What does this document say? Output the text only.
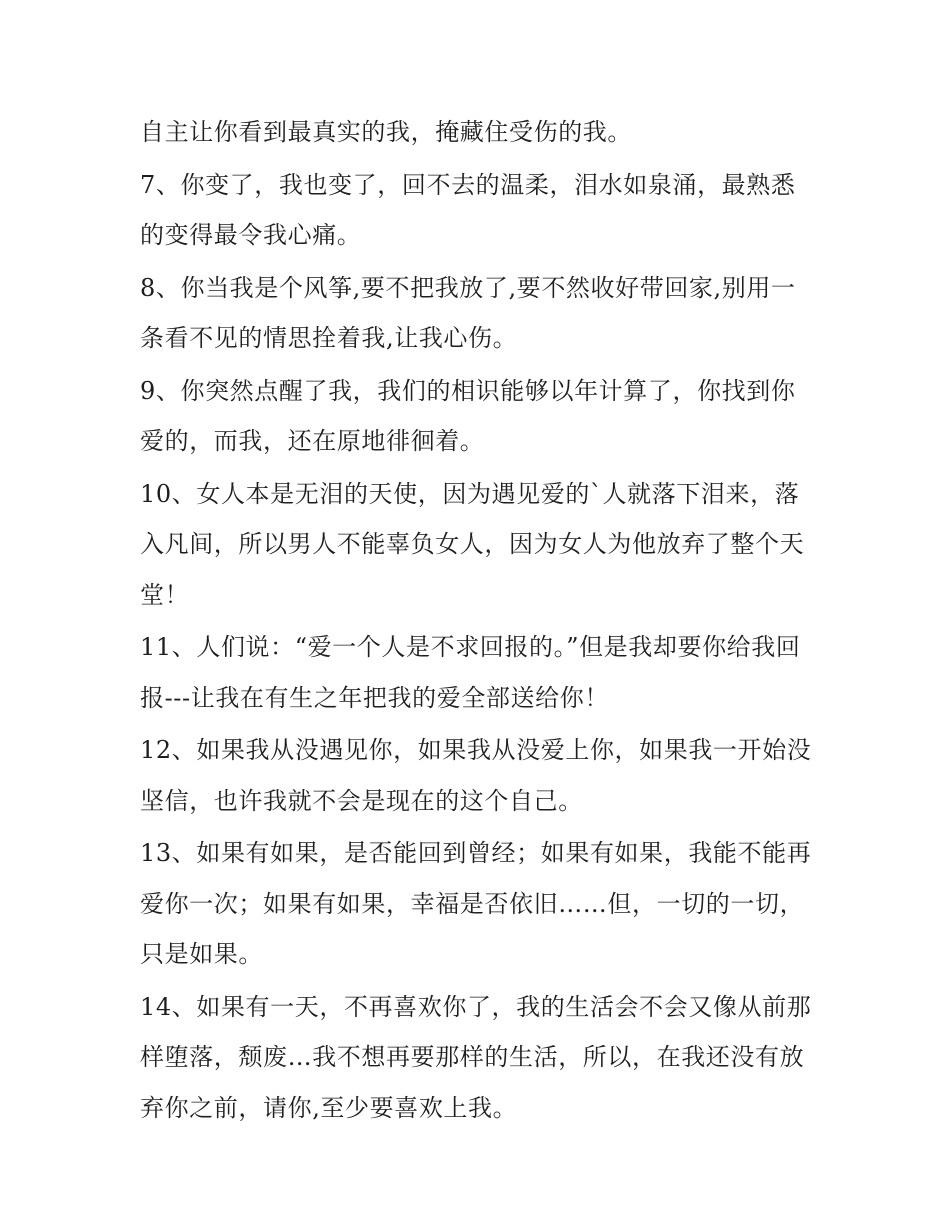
自主让你看到最真实的我，掩藏住受伤的我。
7、你变了，我也变了，回不去的温柔，泪水如泉涌，最熟悉
的变得最令我心痛。
8、你当我是个风筝,要不把我放了,要不然收好带回家,别用一
条看不见的情思拴着我,让我心伤。
9、你突然点醒了我，我们的相识能够以年计算了，你找到你
爱的，而我，还在原地徘徊着。
10、女人本是无泪的天使，因为遇见爱的`人就落下泪来，落
入凡间，所以男人不能辜负女人，因为女人为他放弃了整个天
堂！
11、人们说：“爱一个人是不求回报的。”但是我却要你给我回
报---让我在有生之年把我的爱全部送给你！
12、如果我从没遇见你，如果我从没爱上你，如果我一开始没
坚信，也许我就不会是现在的这个自己。
13、如果有如果，是否能回到曾经；如果有如果，我能不能再
爱你一次；如果有如果，幸福是否依旧……但，一切的一切，
只是如果。
14、如果有一天，不再喜欢你了，我的生活会不会又像从前那
样堕落，颓废…我不想再要那样的生活，所以，在我还没有放
弃你之前，请你,至少要喜欢上我。
